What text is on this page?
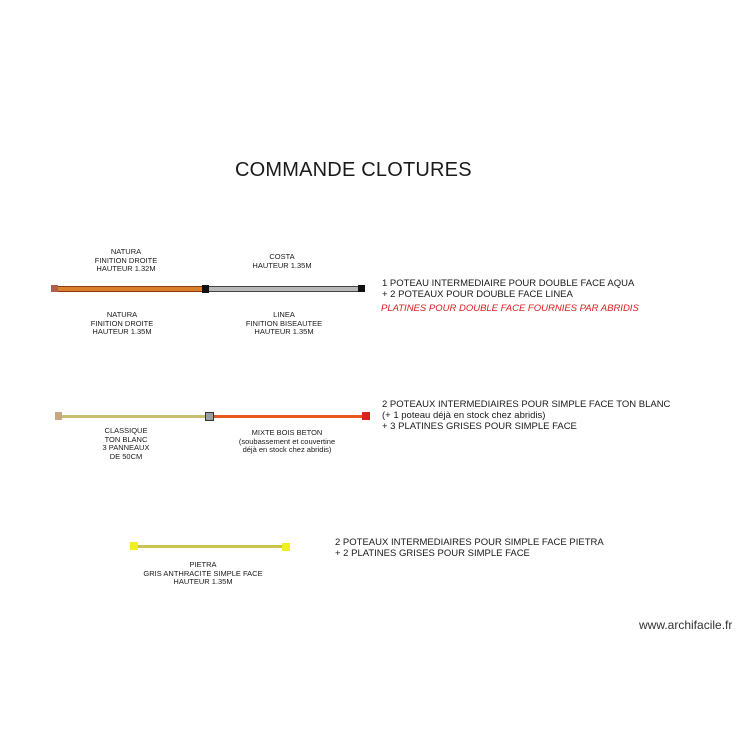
COMMANDE CLOTURES
NATURA
FINITION DROITE
HAUTEUR 1.32M
COSTA
HAUTEUR 1.35M
NATURA
FINITION DROITE
HAUTEUR 1.35M
LINEA
FINITION BISEAUTEE
HAUTEUR 1.35M
1 POTEAU INTERMEDIAIRE POUR DOUBLE FACE AQUA
+ 2 POTEAUX POUR DOUBLE FACE LINEA
PLATINES POUR DOUBLE FACE FOURNIES PAR ABRIDIS
CLASSIQUE
TON BLANC
3 PANNEAUX
DE 50CM
MIXTE BOIS BETON
(soubassement et couvertine
déjà en stock chez abridis)
2 POTEAUX INTERMEDIAIRES POUR SIMPLE FACE TON BLANC
(+ 1 poteau déjà en stock chez abridis)
+ 3 PLATINES GRISES POUR SIMPLE FACE
PIETRA
GRIS ANTHRACITE SIMPLE FACE
HAUTEUR 1.35M
2 POTEAUX INTERMEDIAIRES POUR SIMPLE FACE PIETRA
+ 2 PLATINES GRISES POUR SIMPLE FACE
www.archifacile.fr
